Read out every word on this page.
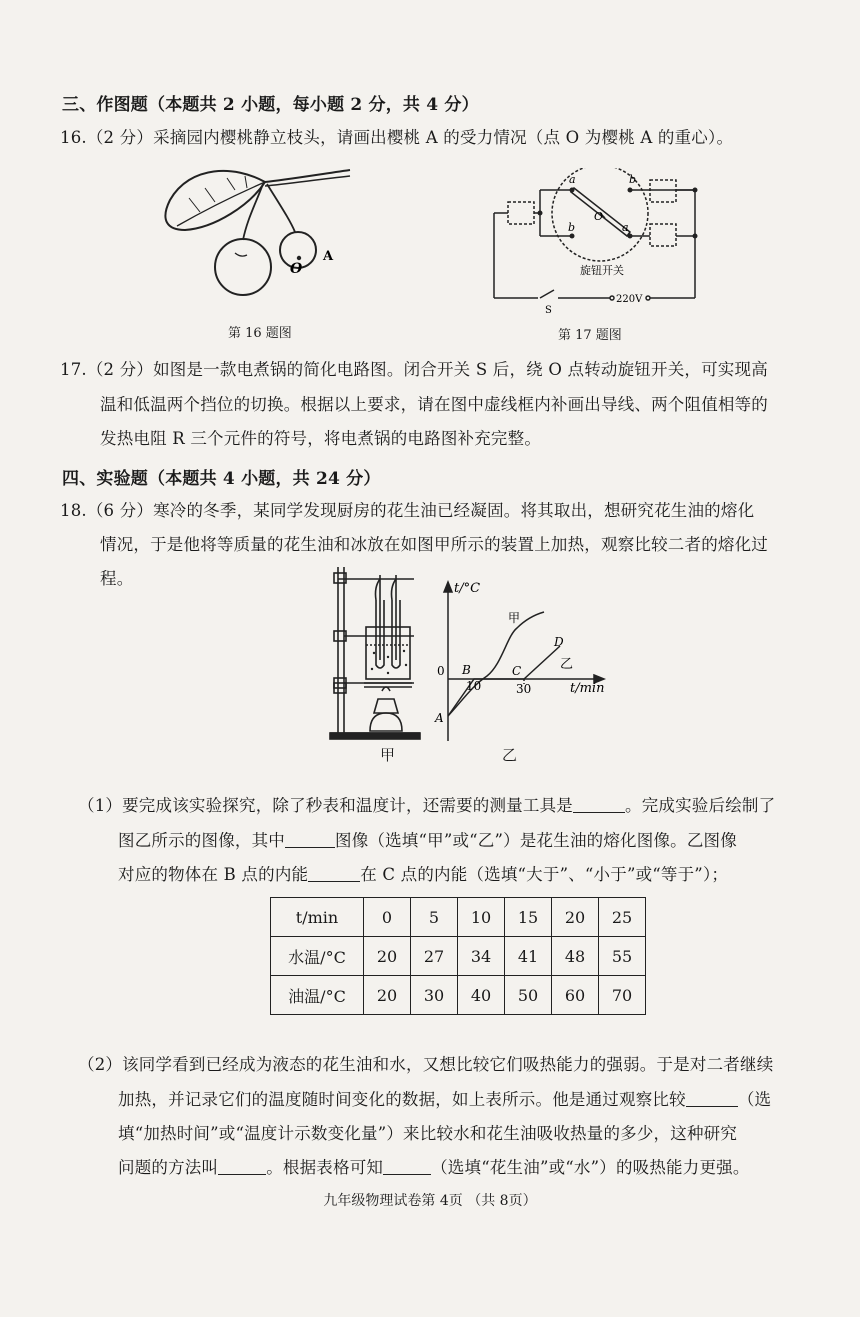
三、作图题（本题共 2 小题，每小题 2 分，共 4 分）
16.（2 分）采摘园内樱桃静立枝头，请画出樱桃 A 的受力情况（点 O 为樱桃 A 的重心）。
O
A
第 16 题图
a	b
b	a
O
旋钮开关
S
220V
第 17 题图
17.（2 分）如图是一款电煮锅的简化电路图。闭合开关 S 后，绕 O 点转动旋钮开关，可实现高
温和低温两个挡位的切换。根据以上要求，请在图中虚线框内补画出导线、两个阻值相等的
发热电阻 R 三个元件的符号，将电煮锅的电路图补充完整。
四、实验题（本题共 4 小题，共 24 分）
18.（6 分）寒冷的冬季，某同学发现厨房的花生油已经凝固。将其取出，想研究花生油的熔化
情况，于是他将等质量的花生油和冰放在如图甲所示的装置上加热，观察比较二者的熔化过
程。
甲
t/°C
t/min
0
10	30
A
B	C
D
甲
乙
乙
（1）要完成该实验探究，除了秒表和温度计，还需要的测量工具是	。完成实验后绘制了
图乙所示的图像，其中	图像（选填“甲”或“乙”）是花生油的熔化图像。乙图像
对应的物体在 B 点的内能	在 C 点的内能（选填“大于”、“小于”或“等于”）；
t/min	0	5	10	15	20	25
水温/°C	20	27	34	41	48	55
油温/°C	20	30	40	50	60	70
（2）该同学看到已经成为液态的花生油和水，又想比较它们吸热能力的强弱。于是对二者继续
加热，并记录它们的温度随时间变化的数据，如上表所示。他是通过观察比较	（选
填“加热时间”或“温度计示数变化量”）来比较水和花生油吸收热量的多少，这种研究
问题的方法叫	。根据表格可知	（选填“花生油”或“水”）的吸热能力更强。
九年级物理试卷第 4页 （共 8页）
